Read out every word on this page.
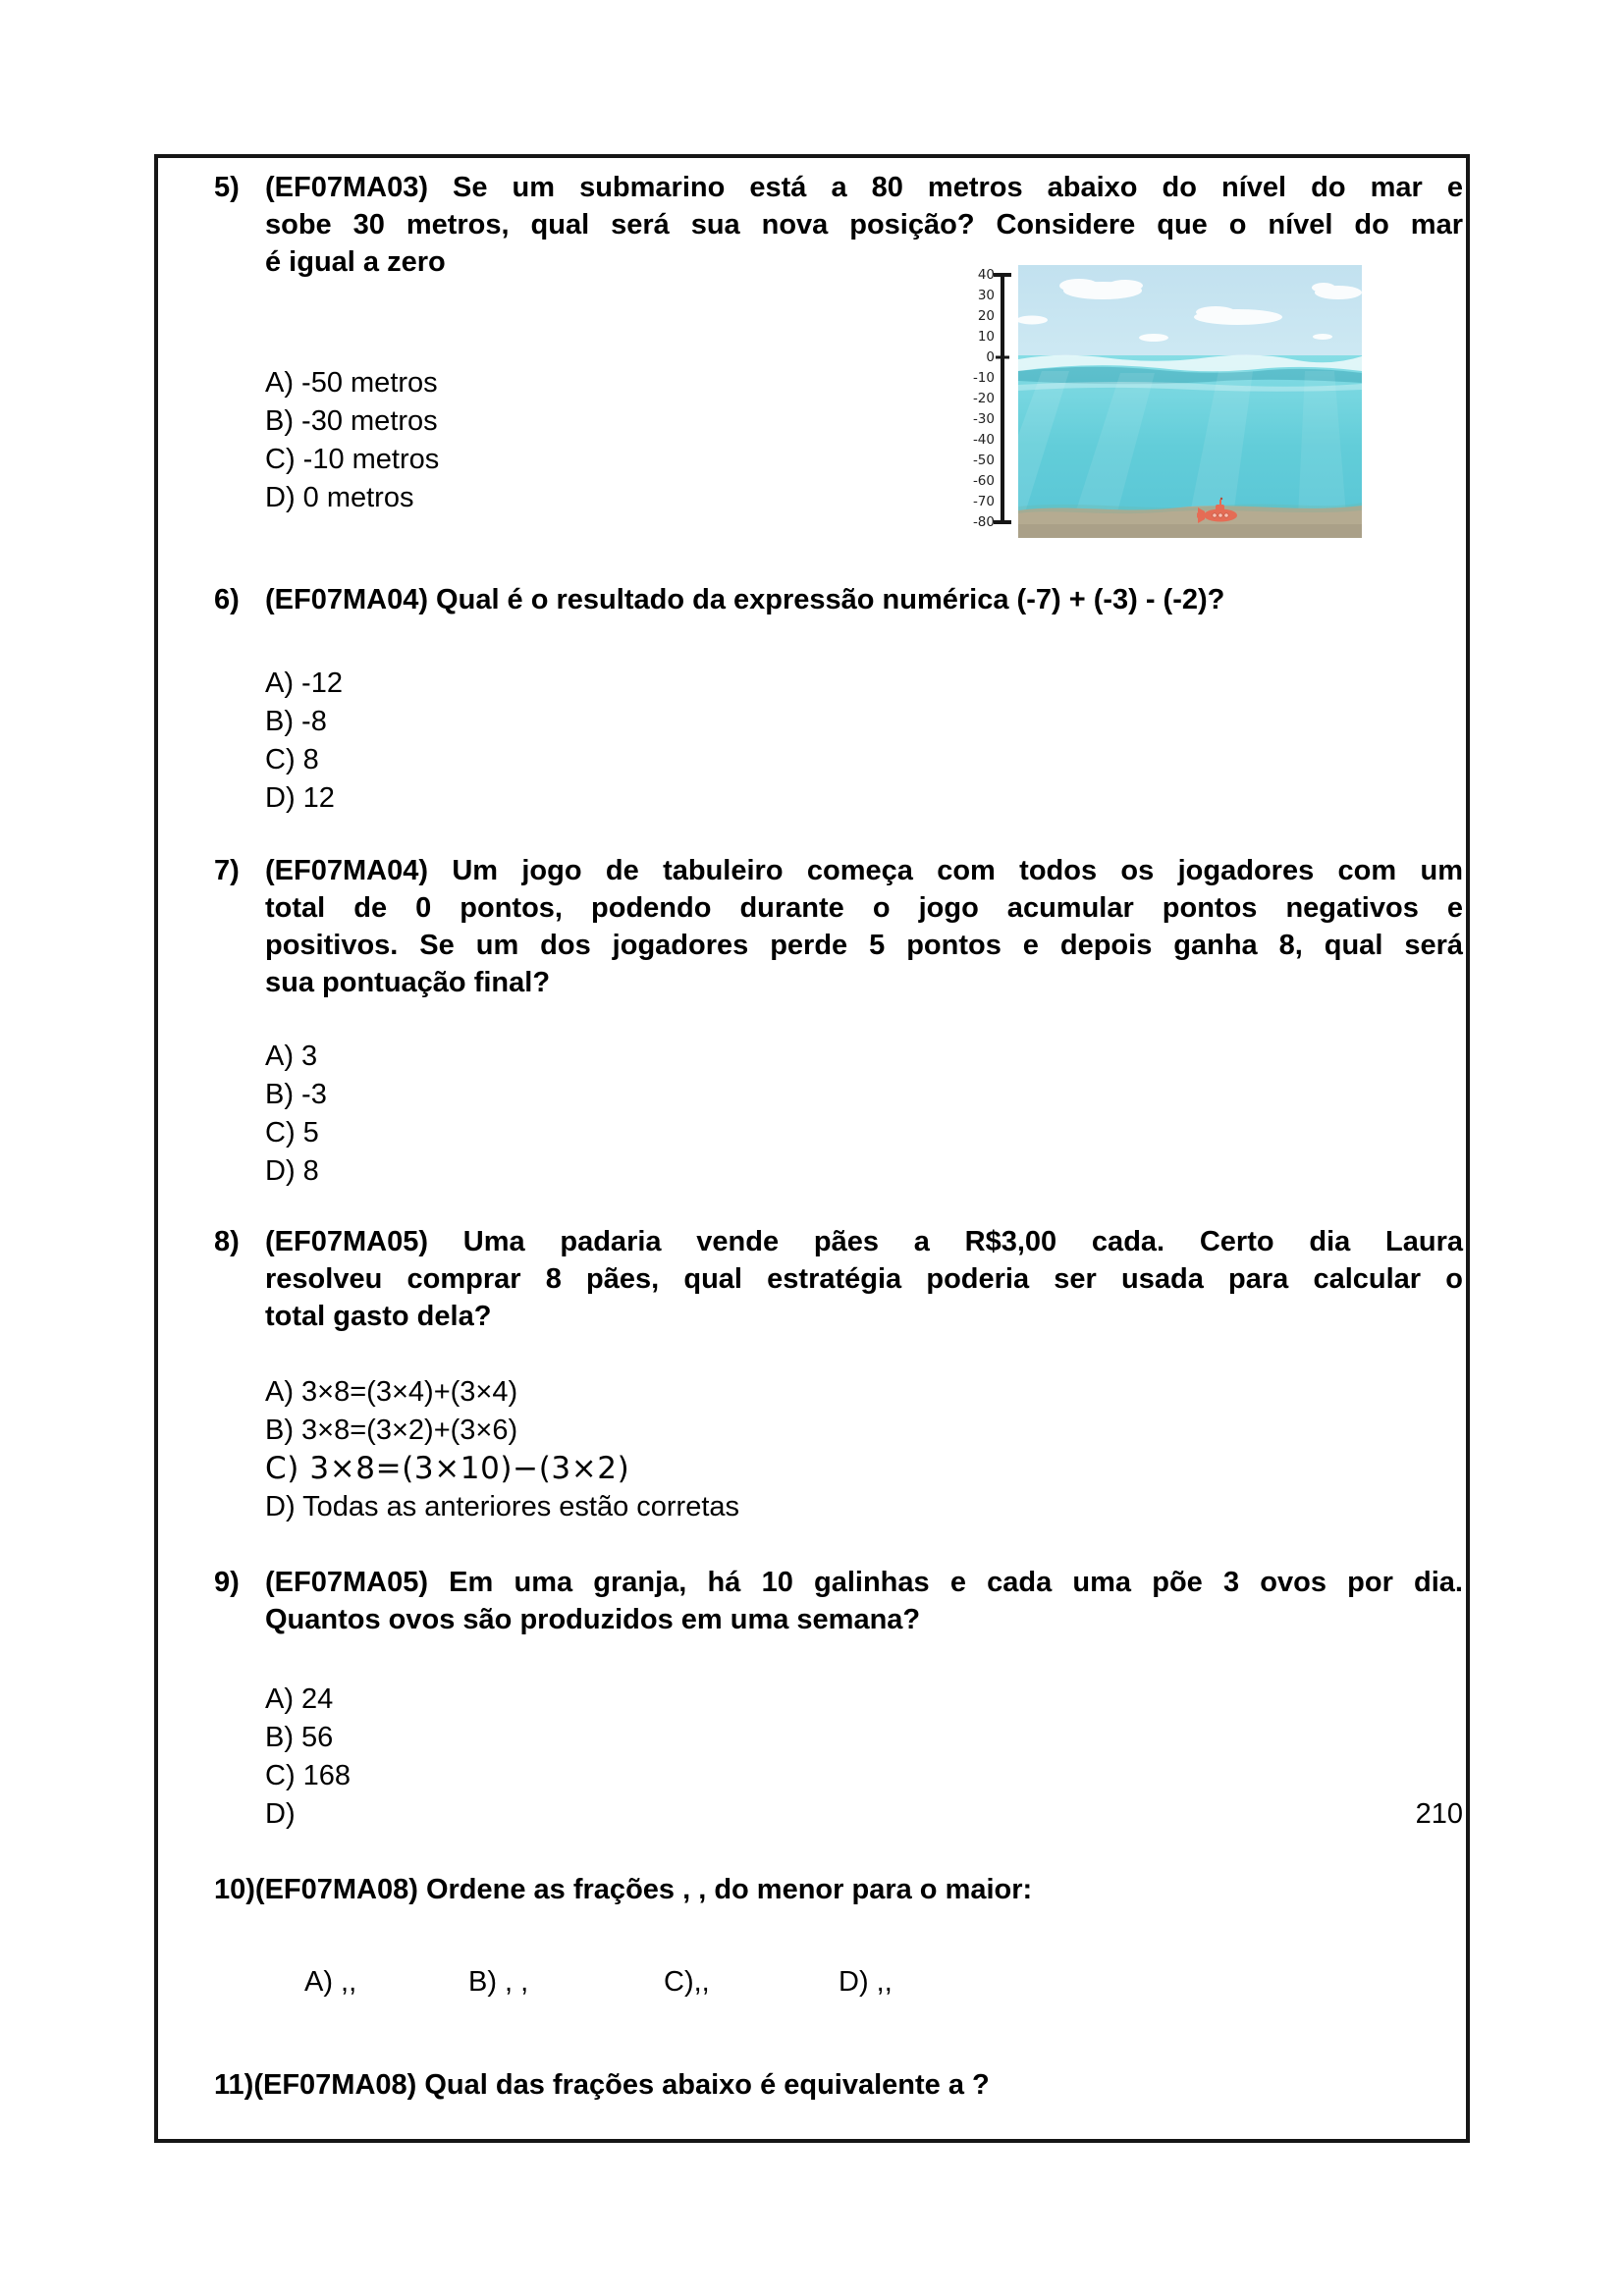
5) (EF07MA03) Se um submarino está a 80 metros abaixo do nível do mar e
sobe 30 metros, qual será sua nova posição? Considere que o nível do mar
é igual a zero	40
30
20
10
0
-10
-20
-30
-40
-50
-60
-70
-80
A) -50 metros
B) -30 metros
C) -10 metros
D) 0 metros
6) (EF07MA04) Qual é o resultado da expressão numérica (-7) + (-3) - (-2)?
A) -12
B) -8
C) 8
D) 12
7) (EF07MA04) Um jogo de tabuleiro começa com todos os jogadores com um
total de 0 pontos, podendo durante o jogo acumular pontos negativos e
positivos. Se um dos jogadores perde 5 pontos e depois ganha 8, qual será
sua pontuação final?
A) 3
B) -3
C) 5
D) 8
8) (EF07MA05) Uma padaria vende pães a R$3,00 cada. Certo dia Laura
resolveu comprar 8 pães, qual estratégia poderia ser usada para calcular o
total gasto dela?
A) 3×8=(3×4)+(3×4)
B) 3×8=(3×2)+(3×6)
C) 3×8=(3×10)−(3×2)
D) Todas as anteriores estão corretas
9) (EF07MA05) Em uma granja, há 10 galinhas e cada uma põe 3 ovos por dia.
Quantos ovos são produzidos em uma semana?
A) 24
B) 56
C) 168
D)	210
10) (EF07MA08) Ordene as frações , , do menor para o maior:
A) ,,	B) , ,	C),,	D) ,,
11) (EF07MA08) Qual das frações abaixo é equivalente a ?
